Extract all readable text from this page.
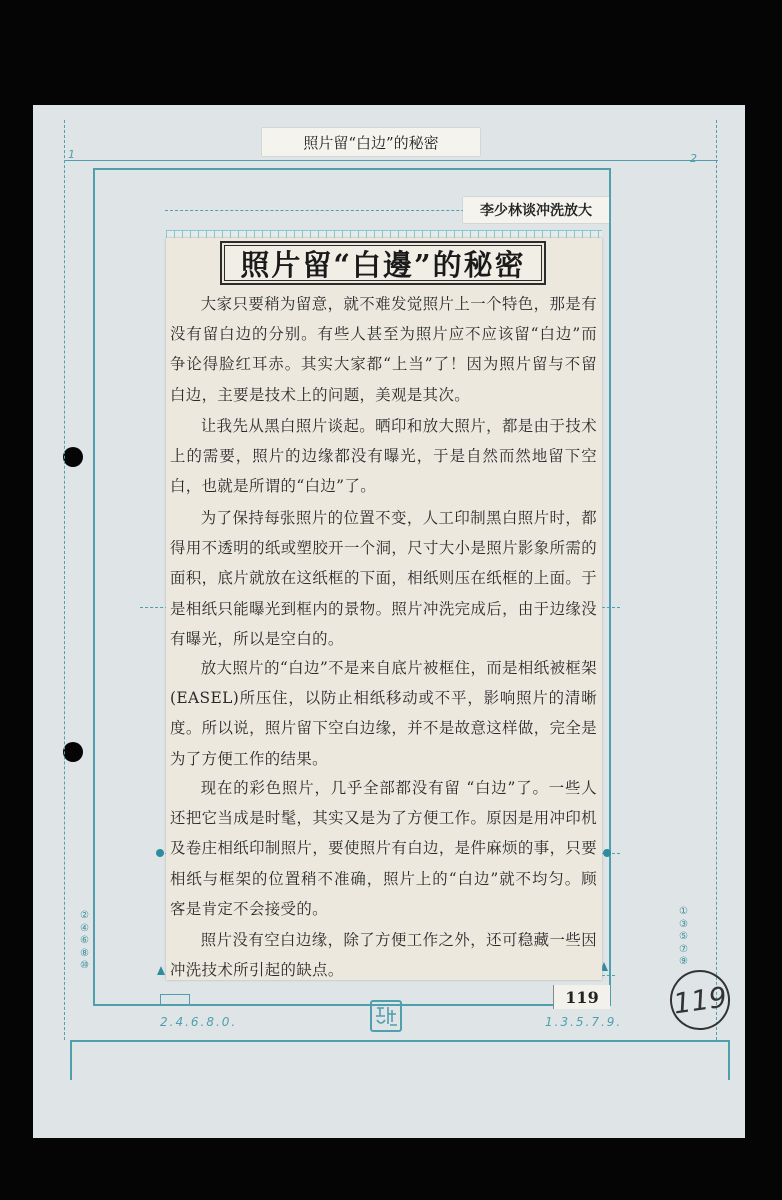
1	2
照片留“白边”的秘密
李少林谈冲洗放大
照片留“白邊”的秘密
大家只要稍为留意，就不难发觉照片上一个特色，那是有没有留白边的分别。有些人甚至为照片应不应该留“白边”而争论得脸红耳赤。其实大家都“上当”了！因为照片留与不留白边，主要是技术上的问题，美观是其次。
让我先从黑白照片谈起。晒印和放大照片，都是由于技术上的需要，照片的边缘都没有曝光，于是自然而然地留下空白，也就是所谓的“白边”了。
为了保持每张照片的位置不变，人工印制黑白照片时，都得用不透明的纸或塑胶开一个洞，尺寸大小是照片影象所需的面积，底片就放在这纸框的下面，相纸则压在纸框的上面。于是相纸只能曝光到框内的景物。照片冲洗完成后，由于边缘没有曝光，所以是空白的。
放大照片的“白边”不是来自底片被框住，而是相纸被框架(EASEL)所压住，以防止相纸移动或不平，影响照片的清晰度。所以说，照片留下空白边缘，并不是故意这样做，完全是为了方便工作的结果。
现在的彩色照片，几乎全部都没有留 “白边”了。一些人还把它当成是时髦，其实又是为了方便工作。原因是用冲印机及卷庄相纸印制照片，要使照片有白边，是件麻烦的事，只要相纸与框架的位置稍不准确，照片上的“白边”就不均匀。顾客是肯定不会接受的。
照片没有空白边缘，除了方便工作之外，还可稳藏一些因冲洗技术所引起的缺点。
②
④
⑥
⑧
⑩
①
③
⑤
⑦
⑨
119	119
2.4.6.8.0.	1.3.5.7.9.
